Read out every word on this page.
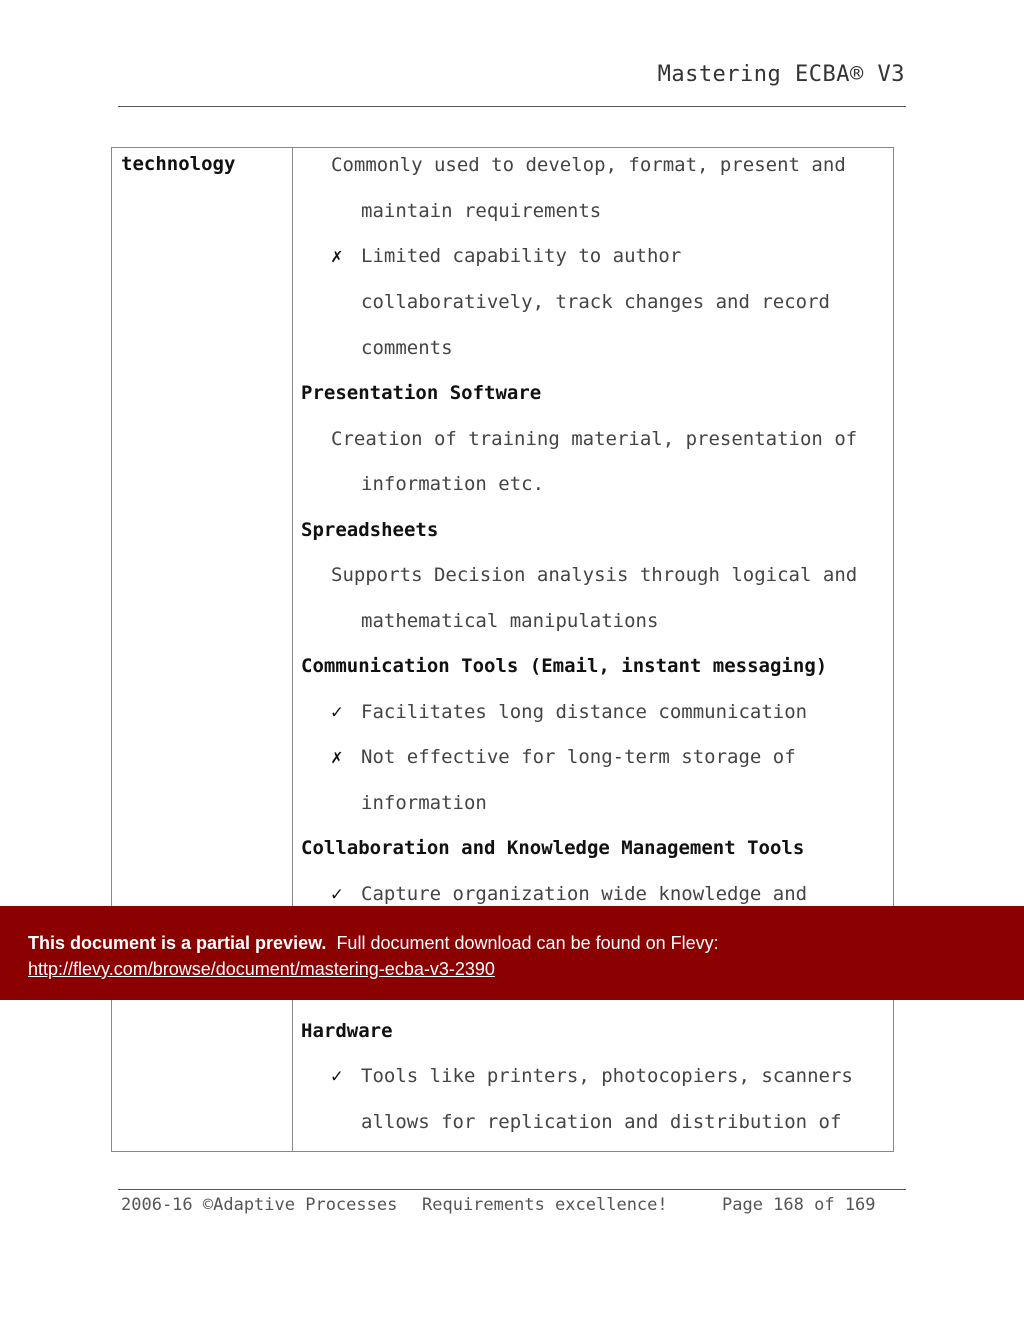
Mastering ECBA® V3
technology	Commonly used to develop, format, present and
maintain requirements
✗ Limited capability to author
collaboratively, track changes and record
comments
Presentation Software
Creation of training material, presentation of
information etc.
Spreadsheets
Supports Decision analysis through logical and
mathematical manipulations
Communication Tools (Email, instant messaging)
✓ Facilitates long distance communication
✗ Not effective for long-term storage of
information
Collaboration and Knowledge Management Tools
✓ Capture organization wide knowledge and
Hardware
✓ Tools like printers, photocopiers, scanners
allows for replication and distribution of
This document is a partial preview. Full document download can be found on Flevy:
http://flevy.com/browse/document/mastering-ecba-v3-2390
2006-16 ©Adaptive Processes Requirements excellence!	Page 168 of 169
